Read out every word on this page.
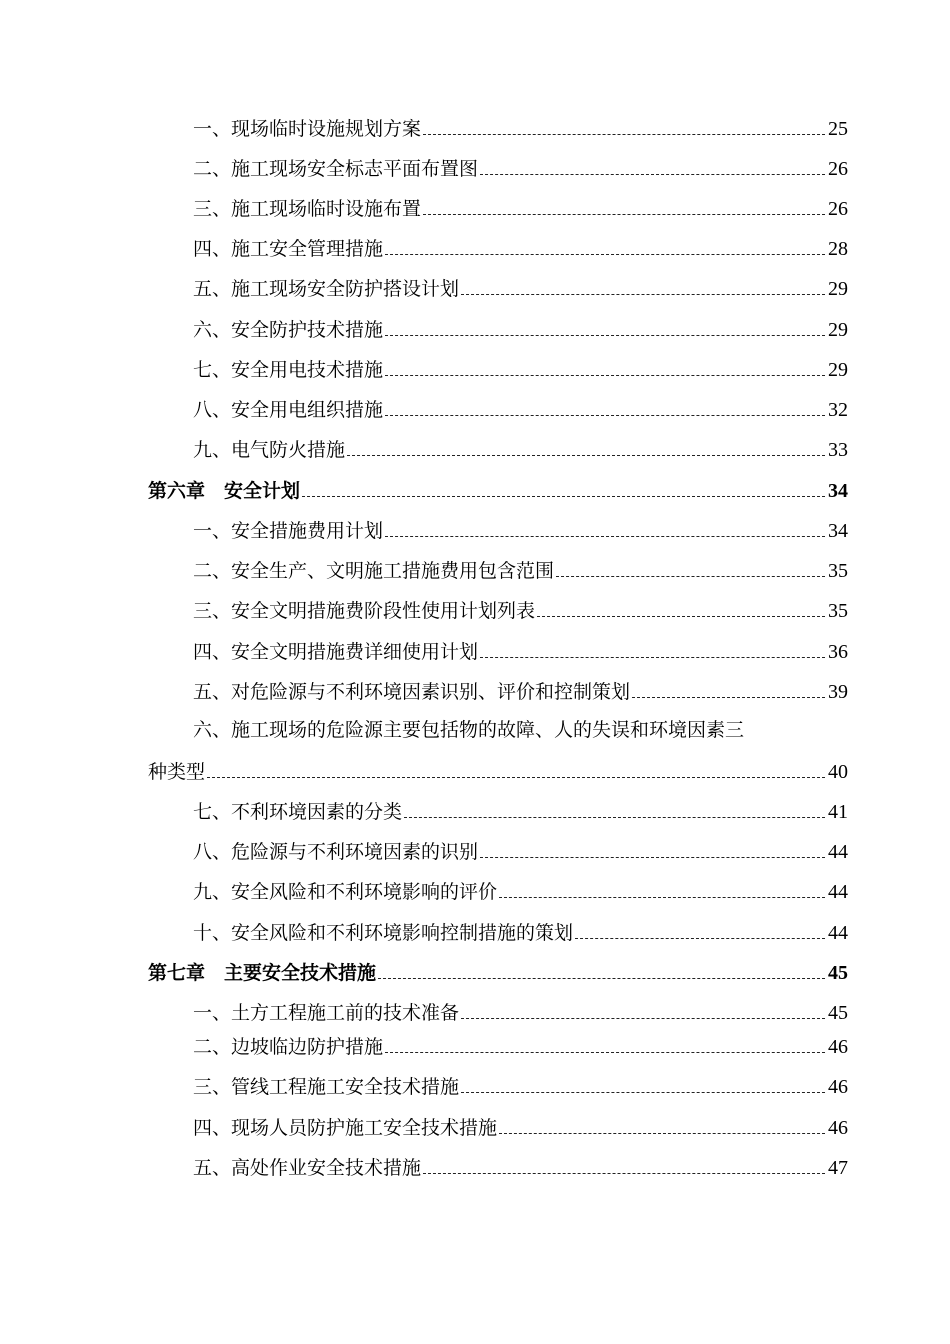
一、现场临时设施规划方案	25
二、施工现场安全标志平面布置图	26
三、施工现场临时设施布置	26
四、施工安全管理措施	28
五、施工现场安全防护搭设计划	29
六、安全防护技术措施	29
七、安全用电技术措施	29
八、安全用电组织措施	32
九、电气防火措施	33
第六章　安全计划	34
一、安全措施费用计划	34
二、安全生产、文明施工措施费用包含范围	35
三、安全文明措施费阶段性使用计划列表	35
四、安全文明措施费详细使用计划	36
五、对危险源与不利环境因素识别、评价和控制策划	39
六、施工现场的危险源主要包括物的故障、人的失误和环境因素三
种类型	40
七、不利环境因素的分类	41
八、危险源与不利环境因素的识别	44
九、安全风险和不利环境影响的评价	44
十、安全风险和不利环境影响控制措施的策划	44
第七章　主要安全技术措施	45
一、土方工程施工前的技术准备	45
二、边坡临边防护措施	46
三、管线工程施工安全技术措施	46
四、现场人员防护施工安全技术措施	46
五、高处作业安全技术措施	47
